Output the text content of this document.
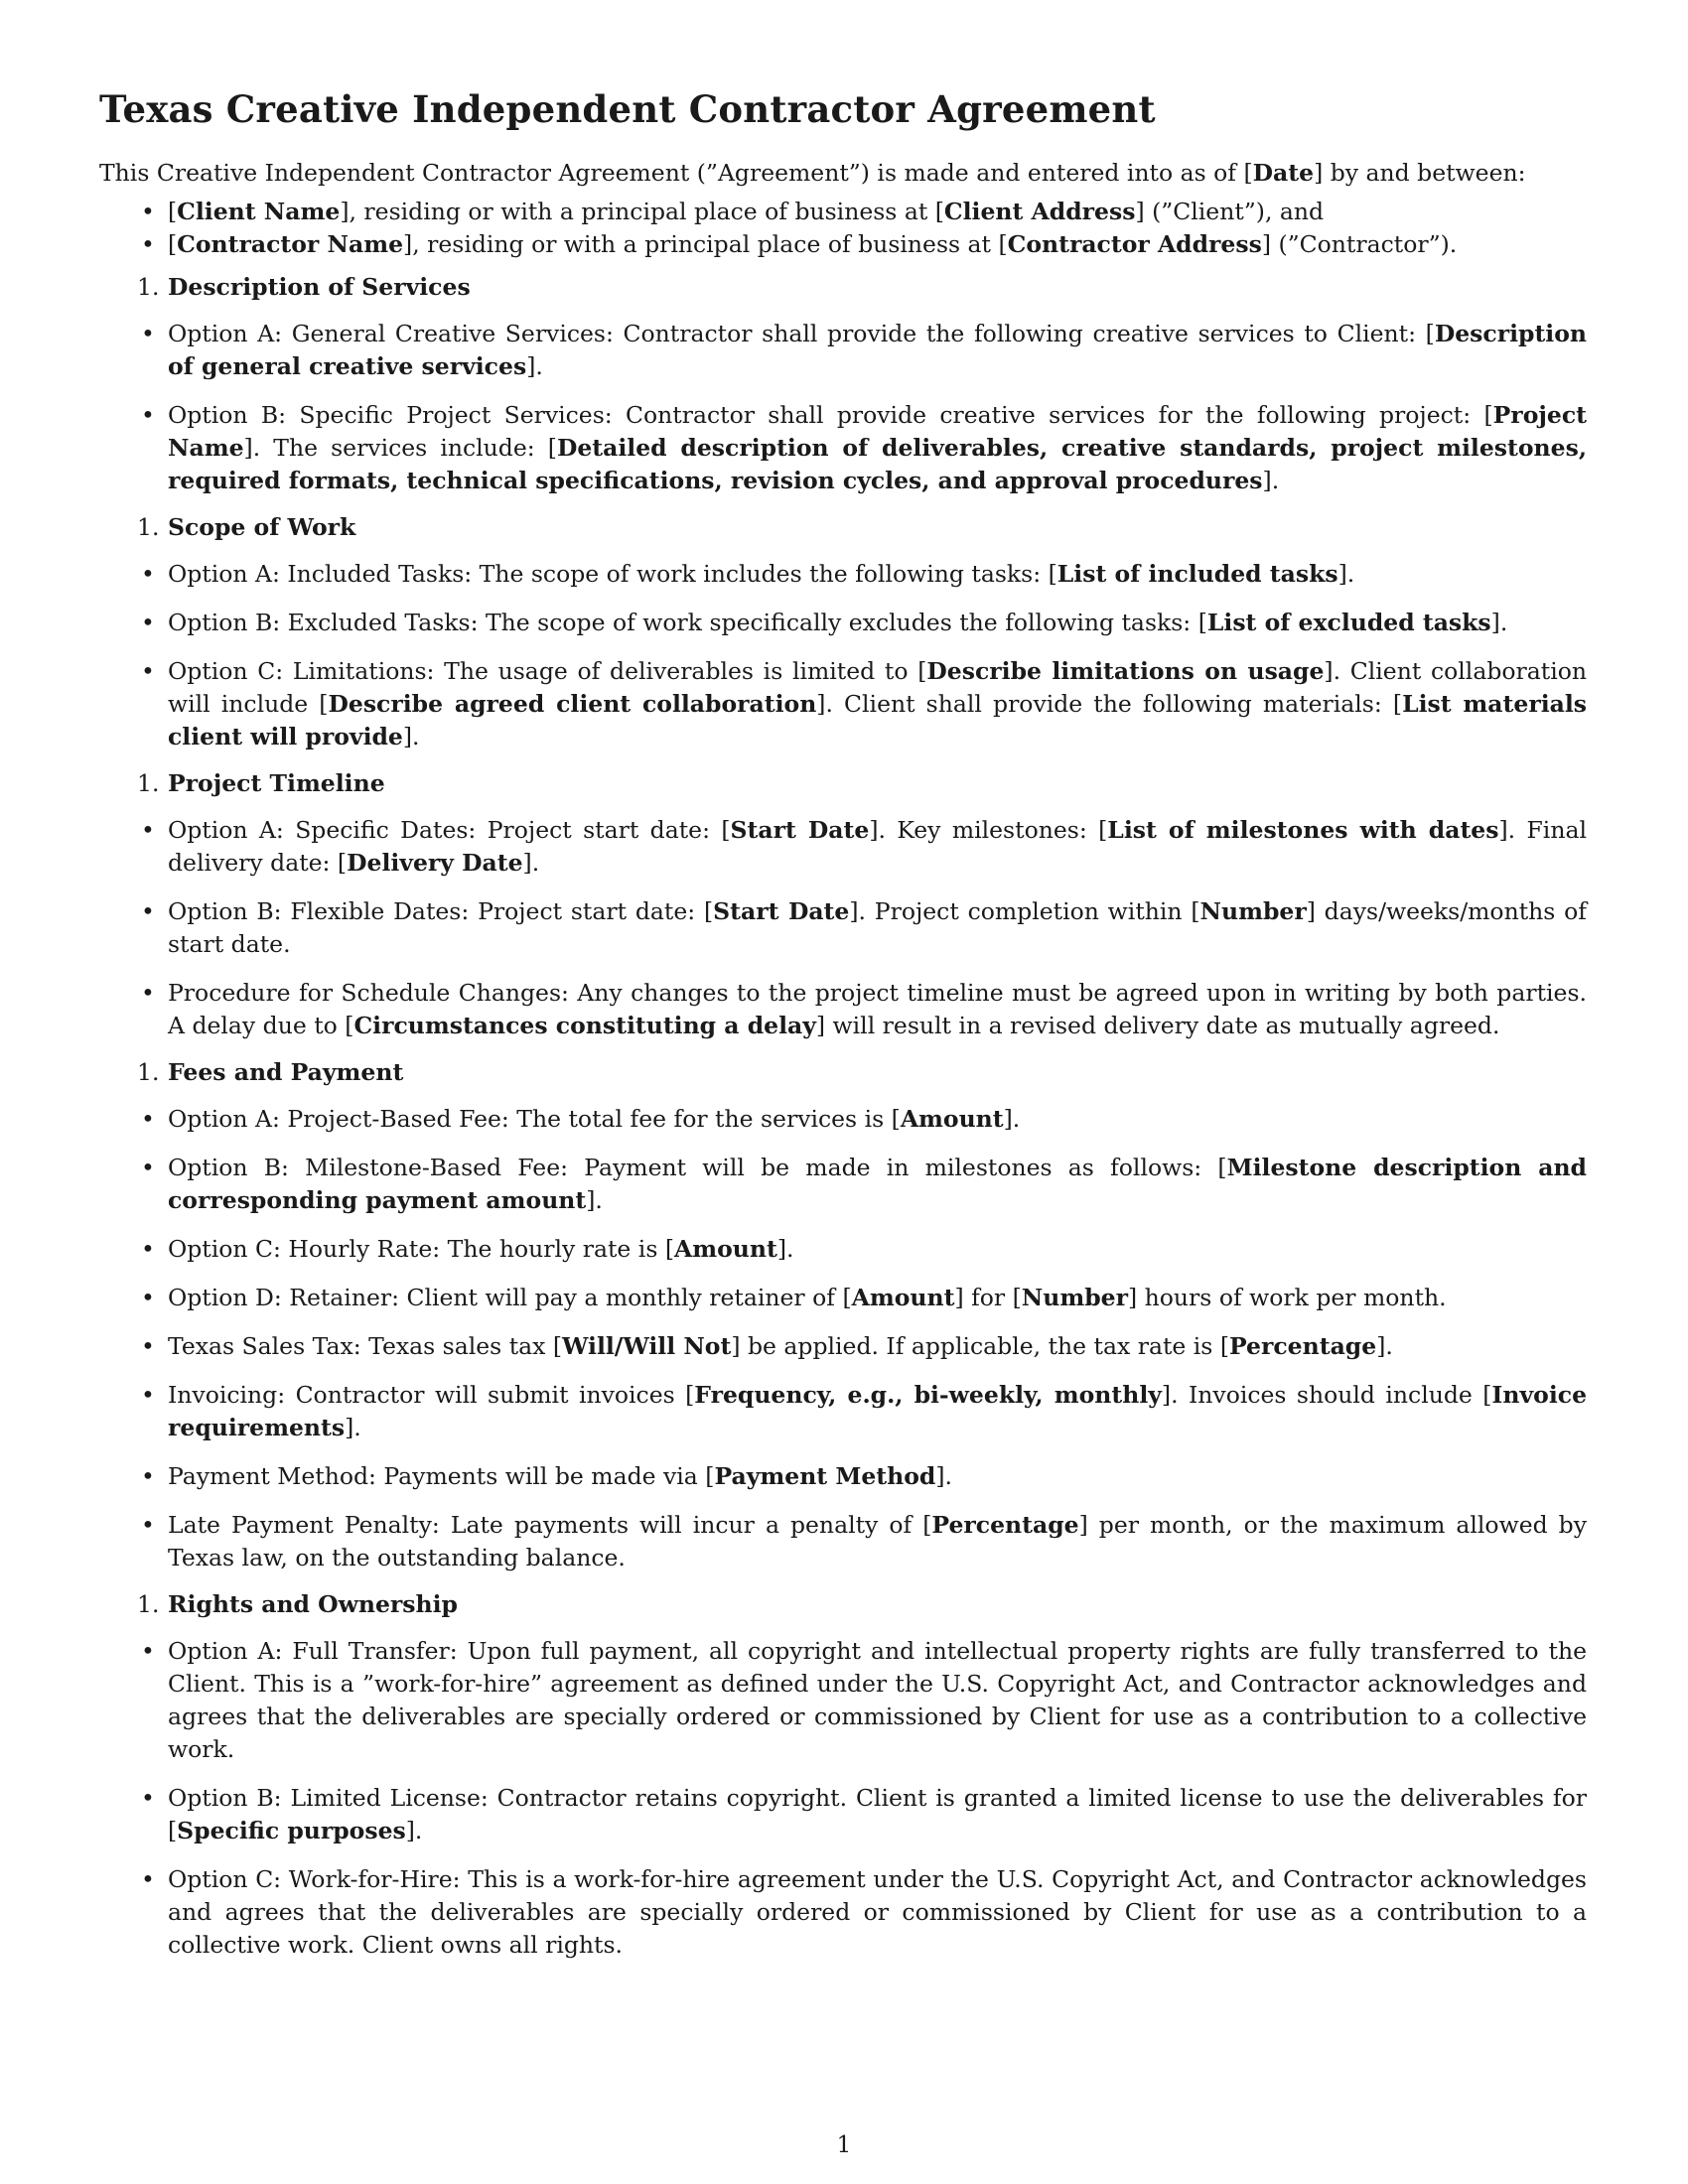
Texas Creative Independent Contractor Agreement
This Creative Independent Contractor Agreement (”Agreement”) is made and entered into as of [Date] by and between:
• [Client Name], residing or with a principal place of business at [Client Address] (”Client”), and
• [Contractor Name], residing or with a principal place of business at [Contractor Address] (”Contractor”).
1. Description of Services
• Option A: General Creative Services: Contractor shall provide the following creative services to Client: [Description of general creative services].
• Option B: Specific Project Services: Contractor shall provide creative services for the following project: [Project Name]. The services include: [Detailed description of deliverables, creative standards, project milestones, required formats, technical specifications, revision cycles, and approval procedures].
1. Scope of Work
• Option A: Included Tasks: The scope of work includes the following tasks: [List of included tasks].
• Option B: Excluded Tasks: The scope of work specifically excludes the following tasks: [List of excluded tasks].
• Option C: Limitations: The usage of deliverables is limited to [Describe limitations on usage]. Client collaboration will include [Describe agreed client collaboration]. Client shall provide the following materials: [List materials client will provide].
1. Project Timeline
• Option A: Specific Dates: Project start date: [Start Date]. Key milestones: [List of milestones with dates]. Final delivery date: [Delivery Date].
• Option B: Flexible Dates: Project start date: [Start Date]. Project completion within [Number] days/weeks/months of start date.
• Procedure for Schedule Changes: Any changes to the project timeline must be agreed upon in writing by both parties. A delay due to [Circumstances constituting a delay] will result in a revised delivery date as mutually agreed.
1. Fees and Payment
• Option A: Project-Based Fee: The total fee for the services is [Amount].
• Option B: Milestone-Based Fee: Payment will be made in milestones as follows: [Milestone description and corresponding payment amount].
• Option C: Hourly Rate: The hourly rate is [Amount].
• Option D: Retainer: Client will pay a monthly retainer of [Amount] for [Number] hours of work per month.
• Texas Sales Tax: Texas sales tax [Will/Will Not] be applied. If applicable, the tax rate is [Percentage].
• Invoicing: Contractor will submit invoices [Frequency, e.g., bi-weekly, monthly]. Invoices should include [Invoice requirements].
• Payment Method: Payments will be made via [Payment Method].
• Late Payment Penalty: Late payments will incur a penalty of [Percentage] per month, or the maximum allowed by Texas law, on the outstanding balance.
1. Rights and Ownership
• Option A: Full Transfer: Upon full payment, all copyright and intellectual property rights are fully transferred to the Client. This is a ”work-for-hire” agreement as defined under the U.S. Copyright Act, and Contractor acknowledges and agrees that the deliverables are specially ordered or commissioned by Client for use as a contribution to a collective work.
• Option B: Limited License: Contractor retains copyright. Client is granted a limited license to use the deliverables for [Specific purposes].
• Option C: Work-for-Hire: This is a work-for-hire agreement under the U.S. Copyright Act, and Contractor acknowledges and agrees that the deliverables are specially ordered or commissioned by Client for use as a contribution to a collective work. Client owns all rights.
1
